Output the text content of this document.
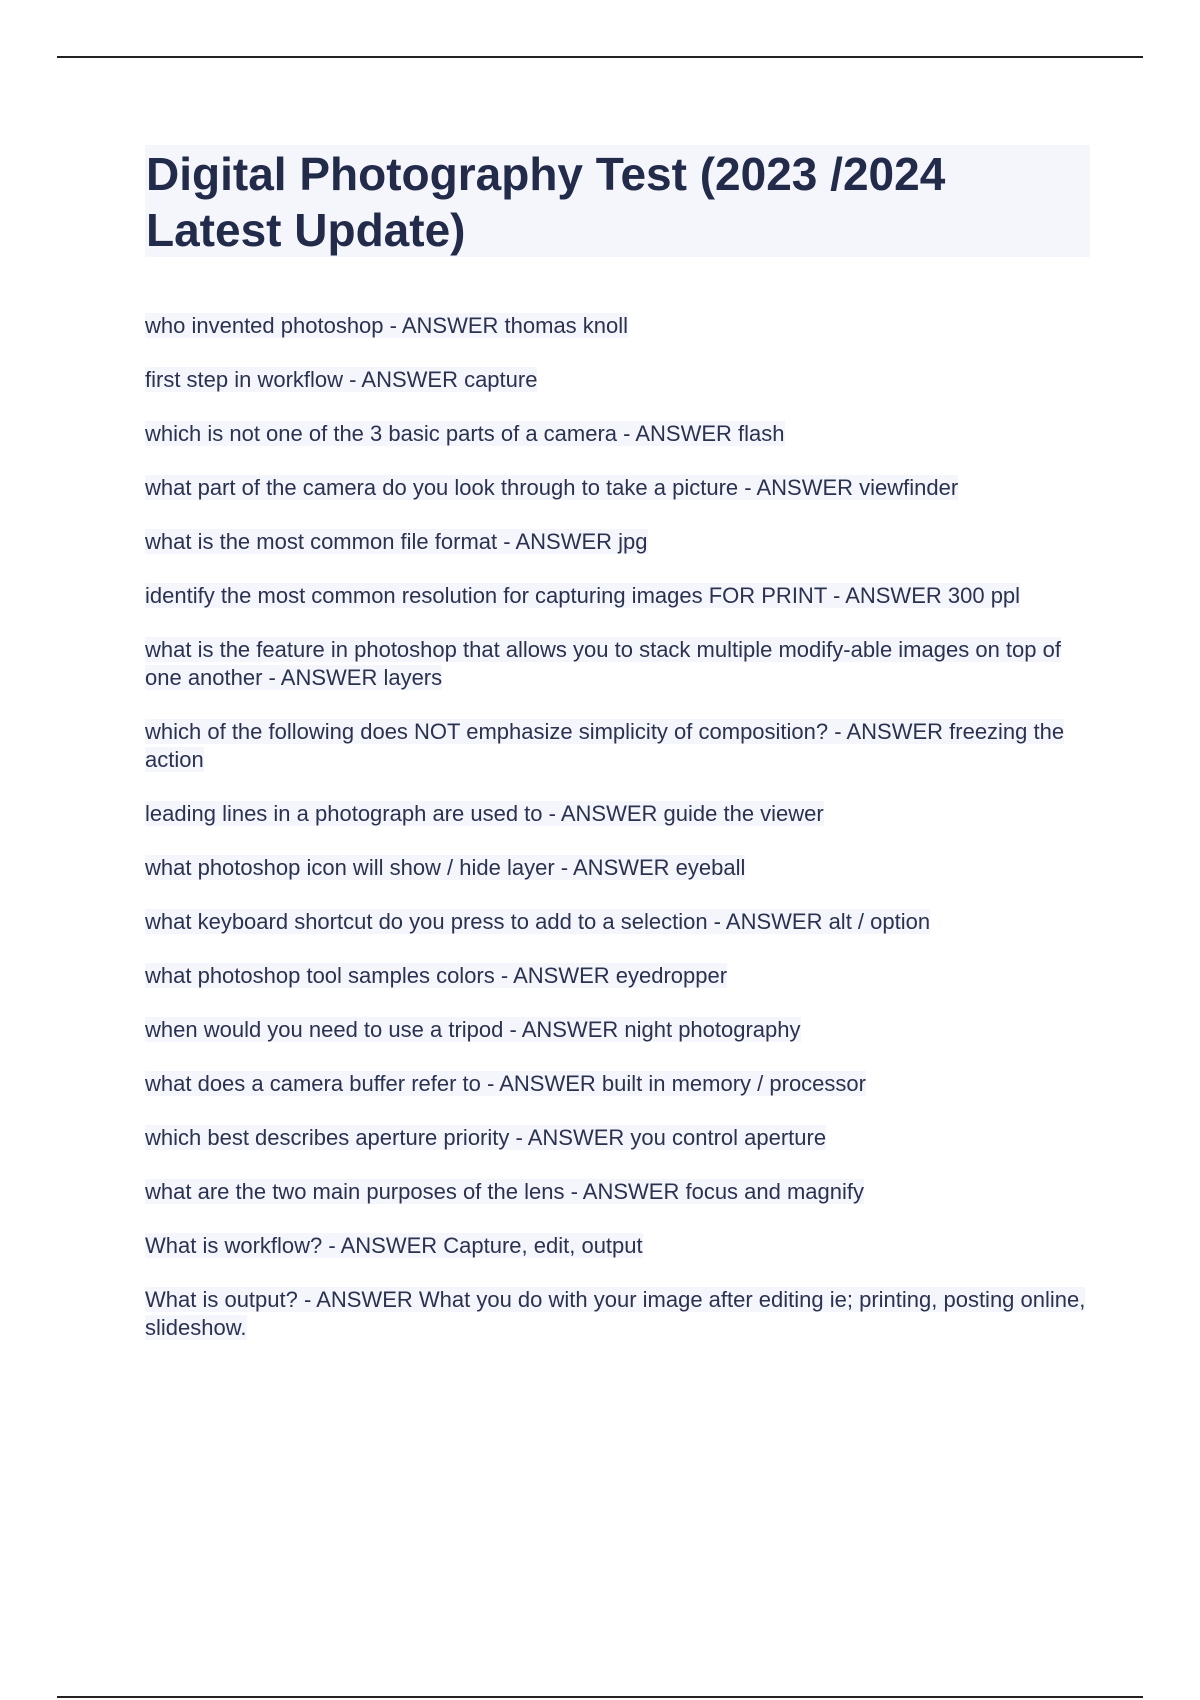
Digital Photography Test (2023 /2024 Latest Update)
who invented photoshop - ANSWER thomas knoll
first step in workflow - ANSWER capture
which is not one of the 3 basic parts of a camera - ANSWER flash
what part of the camera do you look through to take a picture - ANSWER viewfinder
what is the most common file format - ANSWER jpg
identify the most common resolution for capturing images FOR PRINT - ANSWER 300 ppl
what is the feature in photoshop that allows you to stack multiple modify-able images on top of one another - ANSWER layers
which of the following does NOT emphasize simplicity of composition? - ANSWER freezing the action
leading lines in a photograph are used to - ANSWER guide the viewer
what photoshop icon will show / hide layer - ANSWER eyeball
what keyboard shortcut do you press to add to a selection - ANSWER alt / option
what photoshop tool samples colors - ANSWER eyedropper
when would you need to use a tripod - ANSWER night photography
what does a camera buffer refer to - ANSWER built in memory / processor
which best describes aperture priority - ANSWER you control aperture
what are the two main purposes of the lens - ANSWER focus and magnify
What is workflow? - ANSWER Capture, edit, output
What is output? - ANSWER What you do with your image after editing ie; printing, posting online, slideshow.
